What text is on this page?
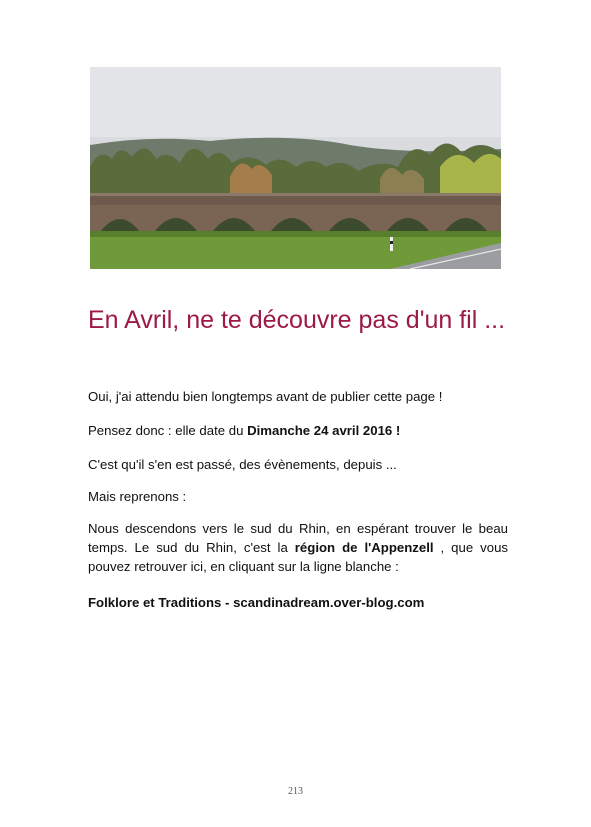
En Avril, ne te découvre pas d'un fil ...

Oui, j'ai attendu bien longtemps avant de publier cette page !

Pensez donc : elle date du Dimanche 24 avril 2016 !

C'est qu'il s'en est passé, des évènements, depuis ...

Mais reprenons :

Nous descendons vers le sud du Rhin, en espérant trouver le beau temps. Le sud du Rhin, c'est la région de l'Appenzell , que vous pouvez retrouver ici, en cliquant sur la ligne blanche :

Folklore et Traditions - scandinadream.over-blog.com

213
